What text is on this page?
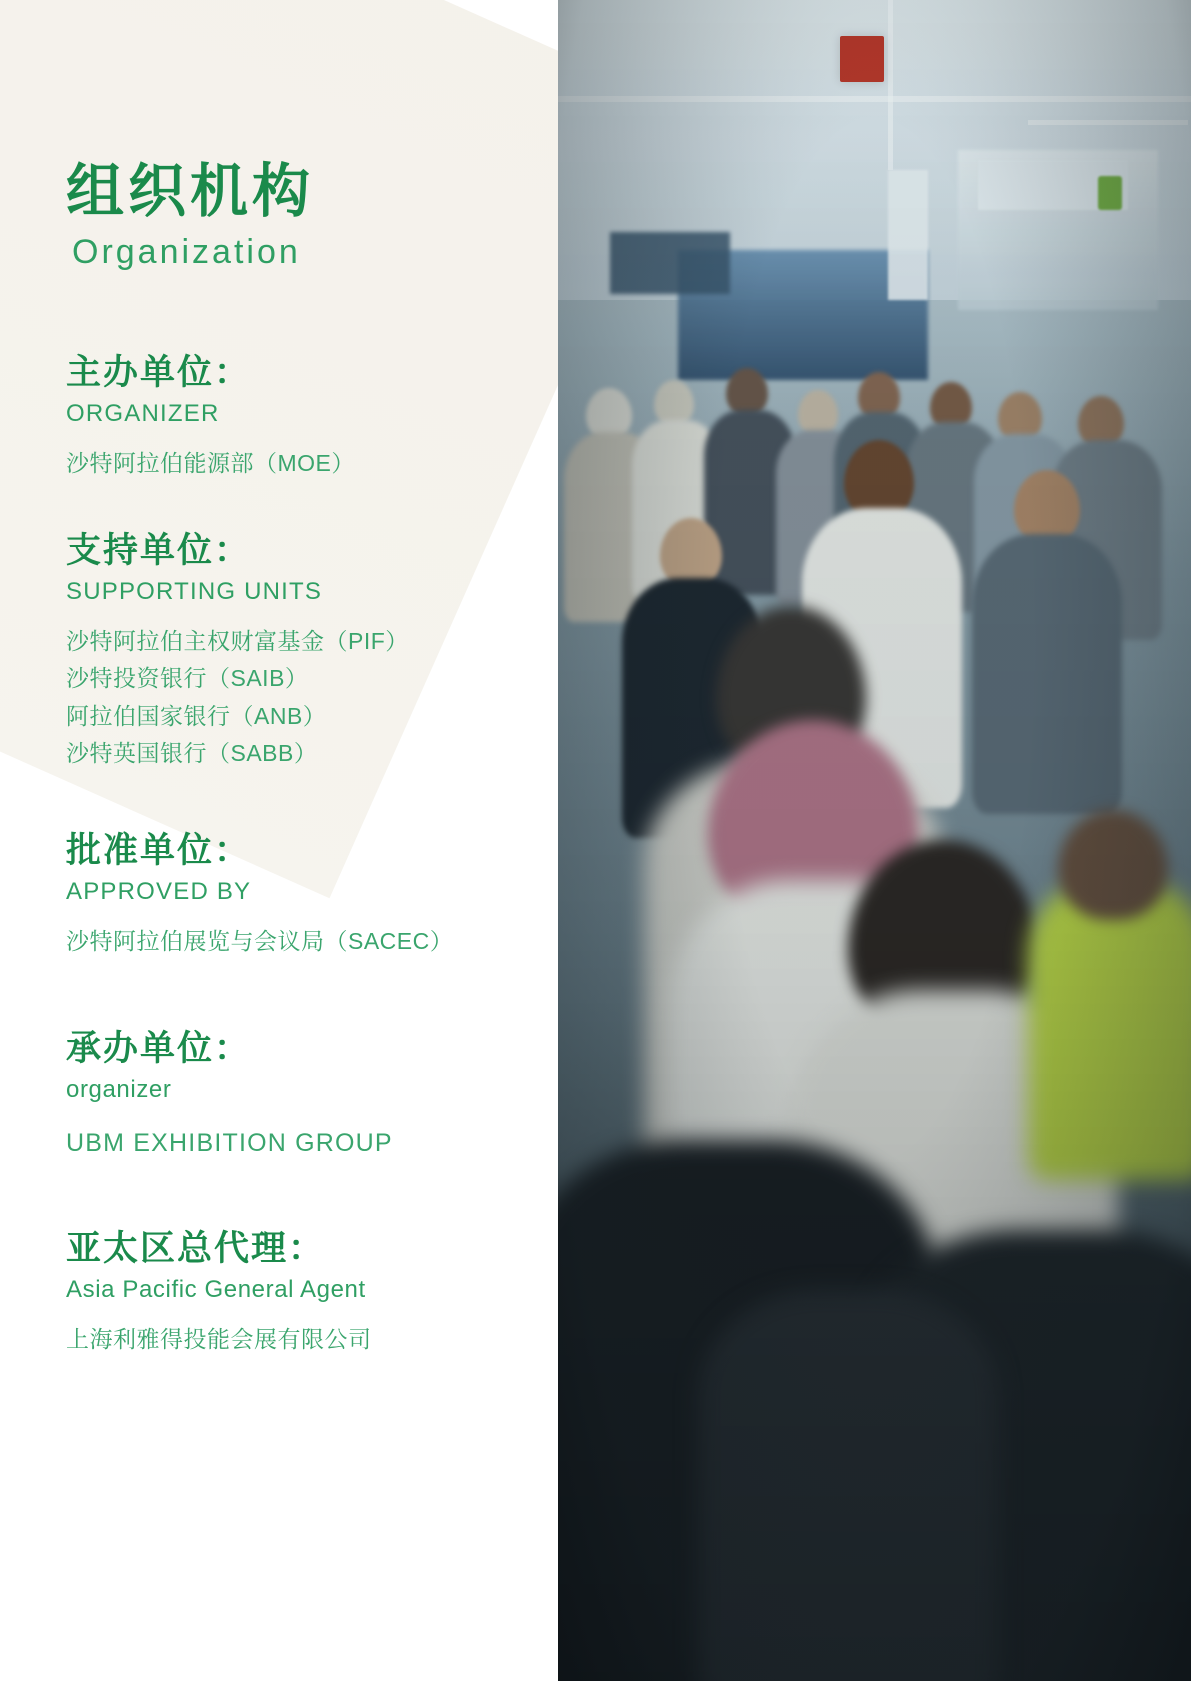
组织机构
Organization
主办单位：
ORGANIZER
沙特阿拉伯能源部（MOE）
支持单位：
SUPPORTING UNITS
沙特阿拉伯主权财富基金（PIF）
沙特投资银行（SAIB）
阿拉伯国家银行（ANB）
沙特英国银行（SABB）
批准单位：
APPROVED BY
沙特阿拉伯展览与会议局（SACEC）
承办单位：
organizer
UBM EXHIBITION GROUP
亚太区总代理：
Asia Pacific General Agent
上海利雅得投能会展有限公司
